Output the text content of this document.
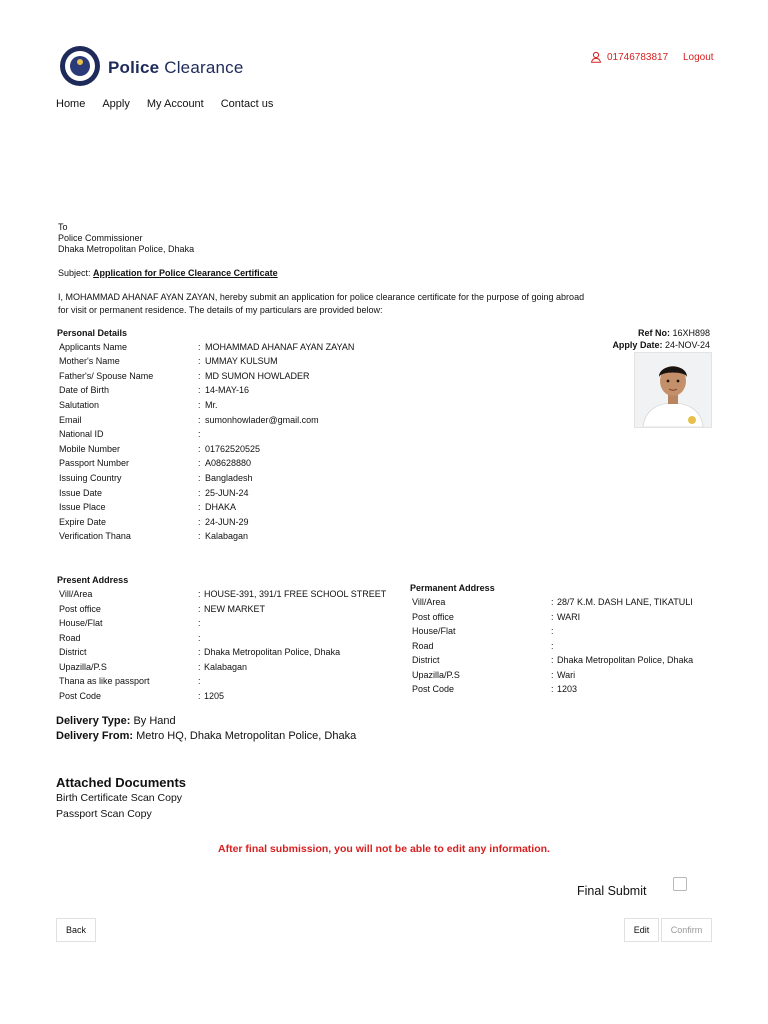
Police Clearance
01746783817 Logout
Home Apply My Account Contact us
To
Police Commissioner
Dhaka Metropolitan Police, Dhaka
Subject: Application for Police Clearance Certificate
I, MOHAMMAD AHANAF AYAN ZAYAN, hereby submit an application for police clearance certificate for the purpose of going abroad
for visit or permanent residence. The details of my particulars are provided below:
Personal Details	Ref No: 16XH898
Apply Date: 24-NOV-24
Applicants Name	: MOHAMMAD AHANAF AYAN ZAYAN
Mother's Name	: UMMAY KULSUM
Father's/ Spouse Name	: MD SUMON HOWLADER
Date of Birth	: 14-MAY-16
Salutation	: Mr.
Email	: sumonhowlader@gmail.com
National ID	:
Mobile Number	: 01762520525
Passport Number	: A08628880
Issuing Country	: Bangladesh
Issue Date	: 25-JUN-24
Issue Place	: DHAKA
Expire Date	: 24-JUN-29
Verification Thana	: Kalabagan
Present Address
Vill/Area	: HOUSE-391, 391/1 FREE SCHOOL STREET
Post office	: NEW MARKET
House/Flat	:
Road	:
District	: Dhaka Metropolitan Police, Dhaka
Upazilla/P.S	: Kalabagan
Thana as like passport	:
Post Code	: 1205
Permanent Address
Vill/Area	: 28/7 K.M. DASH LANE, TIKATULI
Post office	: WARI
House/Flat	:
Road	:
District	: Dhaka Metropolitan Police, Dhaka
Upazilla/P.S	: Wari
Post Code	: 1203
Delivery Type: By Hand
Delivery From: Metro HQ, Dhaka Metropolitan Police, Dhaka
Attached Documents
Birth Certificate Scan Copy
Passport Scan Copy
After final submission, you will not be able to edit any information.
Final Submit
Back	Edit	Confirm
